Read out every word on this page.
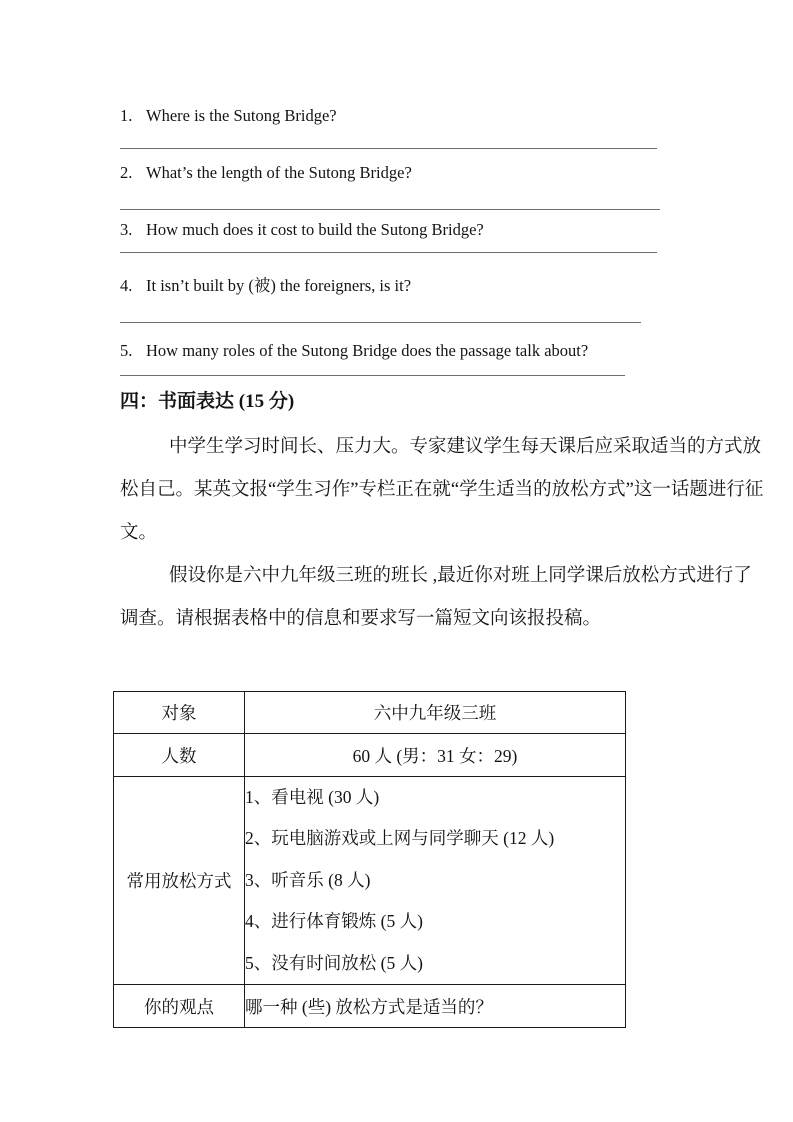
1. Where is the Sutong Bridge?
2. What’s the length of the Sutong Bridge?
3. How much does it cost to build the Sutong Bridge?
4. It isn’t built by (被) the foreigners, is it?
5. How many roles of the Sutong Bridge does the passage talk about?
四：书面表达 (15 分)
中学生学习时间长、压力大。专家建议学生每天课后应采取适当的方式放
松自己。某英文报“学生习作”专栏正在就“学生适当的放松方式”这一话题进行征
文。
假设你是六中九年级三班的班长 ,最近你对班上同学课后放松方式进行了
调查。请根据表格中的信息和要求写一篇短文向该报投稿。
对象	六中九年级三班
人数	60 人 (男：31 女：29)
常用放松方式	1、看电视 (30 人)
2、玩电脑游戏或上网与同学聊天 (12 人)
3、听音乐 (8 人)
4、进行体育锻炼 (5 人)
5、没有时间放松 (5 人)

你的观点	哪一种 (些) 放松方式是适当的？
